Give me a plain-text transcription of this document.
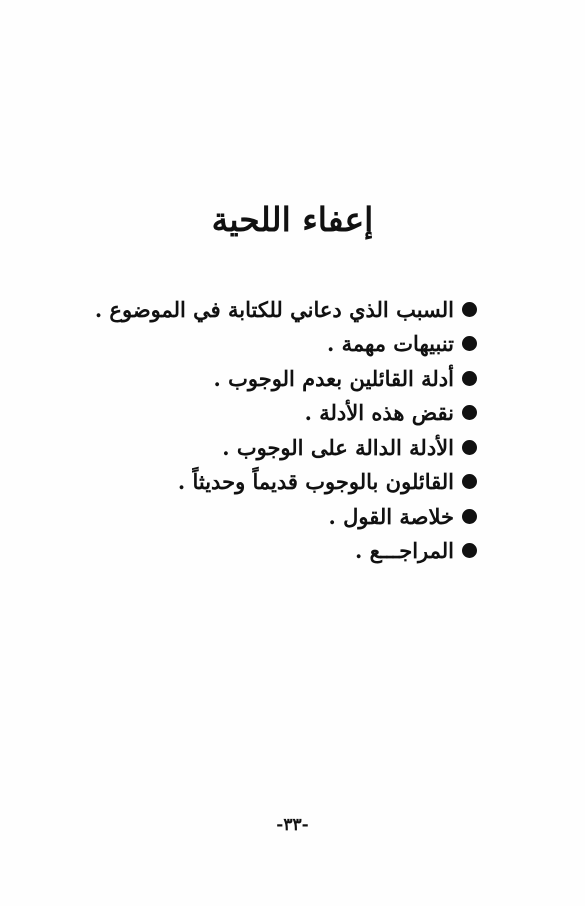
إعفاء اللحية
السبب الذي دعاني للكتابة في الموضوع .
تنبيهات مهمة .
أدلة القائلين بعدم الوجوب .
نقض هذه الأدلة .
الأدلة الدالة على الوجوب .
القائلون بالوجوب قديماً وحديثاً .
خلاصة القول .
المراجـــع .
-٣٣-
